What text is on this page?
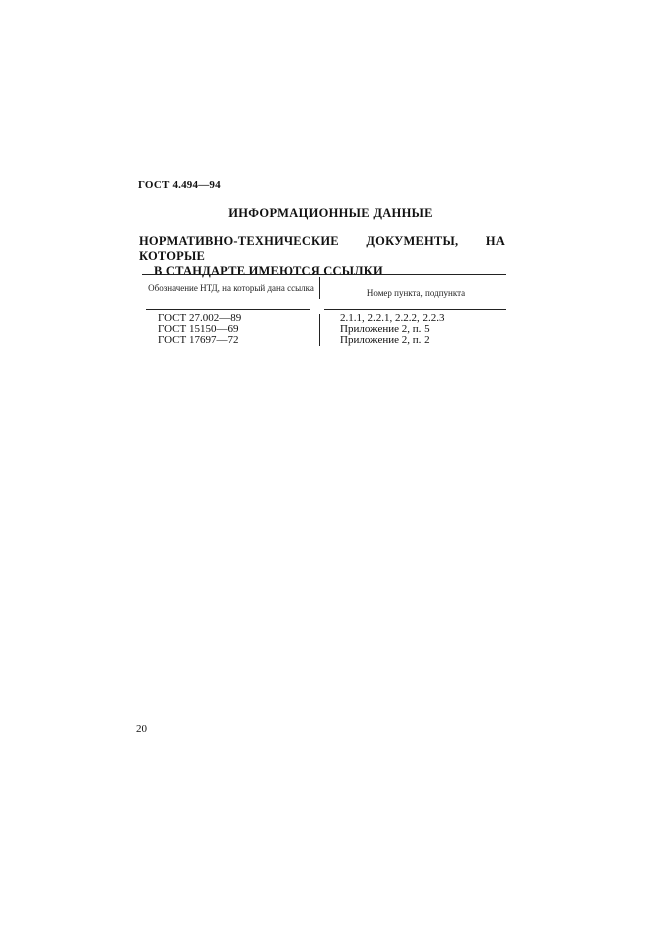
ГОСТ 4.494—94
ИНФОРМАЦИОННЫЕ ДАННЫЕ
НОРМАТИВНО-ТЕХНИЧЕСКИЕ ДОКУМЕНТЫ, НА КОТОРЫЕ
В СТАНДАРТЕ ИМЕЮТСЯ ССЫЛКИ
Обозначение НТД, на который дана ссылка	Номер пункта, подпункта
ГОСТ 27.002—89
ГОСТ 15150—69
ГОСТ 17697—72
2.1.1, 2.2.1, 2.2.2, 2.2.3
Приложение 2, п. 5
Приложение 2, п. 2
20
